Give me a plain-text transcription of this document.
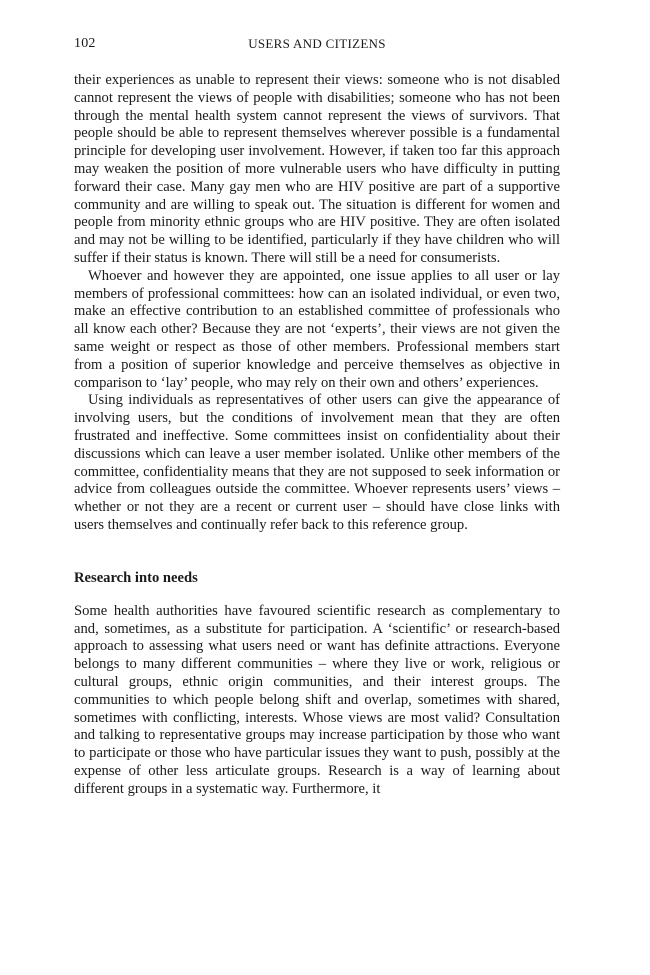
102	USERS AND CITIZENS

their experiences as unable to represent their views: someone who is not disabled cannot represent the views of people with disabilities; someone who has not been through the mental health system cannot represent the views of survivors. That people should be able to represent themselves wherever possible is a fundamental principle for developing user involvement. However, if taken too far this approach may weaken the position of more vulnerable users who have difficulty in putting forward their case. Many gay men who are HIV positive are part of a supportive community and are willing to speak out. The situation is different for women and people from minority ethnic groups who are HIV positive. They are often isolated and may not be willing to be identified, particularly if they have children who will suffer if their status is known. There will still be a need for consumerists.

Whoever and however they are appointed, one issue applies to all user or lay members of professional committees: how can an isolated individual, or even two, make an effective contribution to an established committee of professionals who all know each other? Because they are not ‘experts’, their views are not given the same weight or respect as those of other members. Professional members start from a position of superior knowledge and perceive themselves as objective in comparison to ‘lay’ people, who may rely on their own and others’ experiences.

Using individuals as representatives of other users can give the appearance of involving users, but the conditions of involvement mean that they are often frustrated and ineffective. Some committees insist on confidentiality about their discussions which can leave a user member isolated. Unlike other members of the committee, confidentiality means that they are not supposed to seek information or advice from colleagues outside the committee. Whoever represents users’ views – whether or not they are a recent or current user – should have close links with users themselves and continually refer back to this reference group.

Research into needs

Some health authorities have favoured scientific research as complementary to and, sometimes, as a substitute for participation. A ‘scientific’ or research-based approach to assessing what users need or want has definite attractions. Everyone belongs to many different communities – where they live or work, religious or cultural groups, ethnic origin communities, and their interest groups. The communities to which people belong shift and overlap, sometimes with shared, sometimes with conflicting, interests. Whose views are most valid? Consultation and talking to representative groups may increase participation by those who want to participate or those who have particular issues they want to push, possibly at the expense of other less articulate groups. Research is a way of learning about different groups in a systematic way. Furthermore, it
